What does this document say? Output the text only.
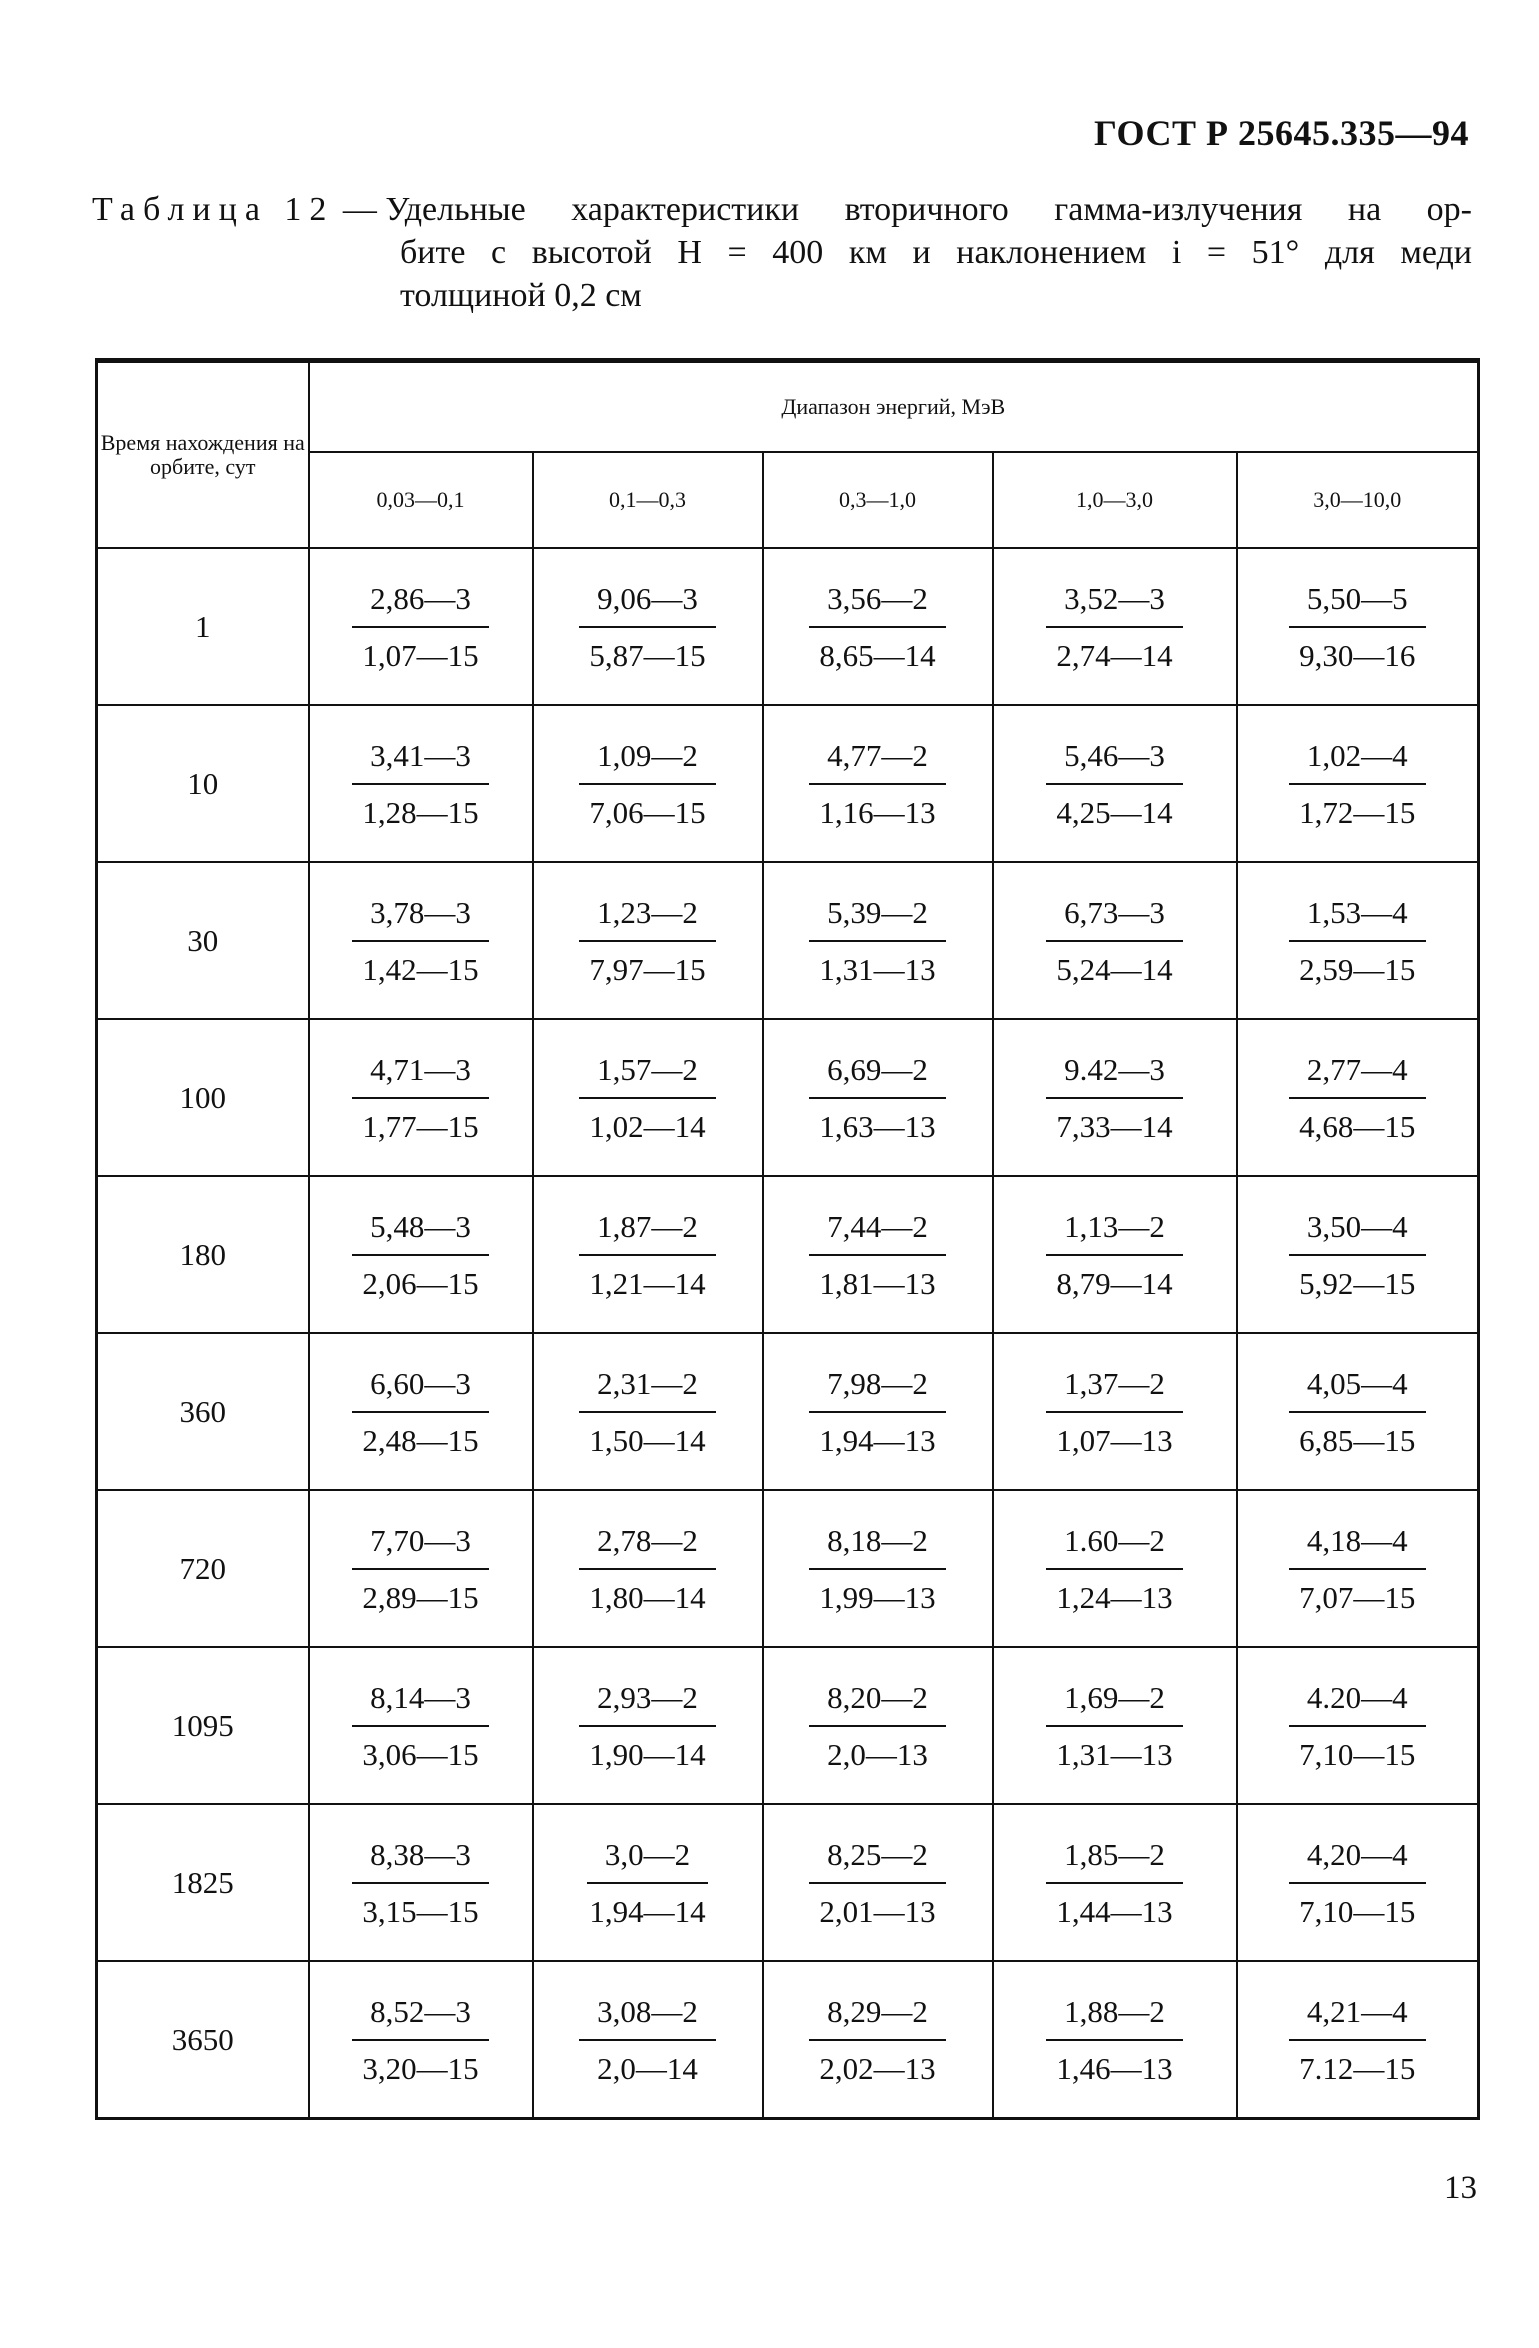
ГОСТ Р 25645.335—94
Таблица 12 — Удельные характеристики вторичного гамма-излучения на ор-
бите с высотой H = 400 км и наклонением i = 51° для меди
толщиной 0,2 см
Время нахождения на орбите, сут	Диапазон энергий, МэВ				
	0,03—0,1	0,1—0,3	0,3—1,0	1,0—3,0	3,0—10,0
1	$\frac{2,86—3}{1,07—15}$	$\frac{9,06—3}{5,87—15}$	$\frac{3,56—2}{8,65—14}$	$\frac{3,52—3}{2,74—14}$	$\frac{5,50—5}{9,30—16}$

10	$\frac{3,41—3}{1,28—15}$	$\frac{1,09—2}{7,06—15}$	$\frac{4,77—2}{1,16—13}$	$\frac{5,46—3}{4,25—14}$	$\frac{1,02—4}{1,72—15}$

30	$\frac{3,78—3}{1,42—15}$	$\frac{1,23—2}{7,97—15}$	$\frac{5,39—2}{1,31—13}$	$\frac{6,73—3}{5,24—14}$	$\frac{1,53—4}{2,59—15}$

100	$\frac{4,71—3}{1,77—15}$	$\frac{1,57—2}{1,02—14}$	$\frac{6,69—2}{1,63—13}$	$\frac{9.42—3}{7,33—14}$	$\frac{2,77—4}{4,68—15}$

180	$\frac{5,48—3}{2,06—15}$	$\frac{1,87—2}{1,21—14}$	$\frac{7,44—2}{1,81—13}$	$\frac{1,13—2}{8,79—14}$	$\frac{3,50—4}{5,92—15}$

360	$\frac{6,60—3}{2,48—15}$	$\frac{2,31—2}{1,50—14}$	$\frac{7,98—2}{1,94—13}$	$\frac{1,37—2}{1,07—13}$	$\frac{4,05—4}{6,85—15}$

720	$\frac{7,70—3}{2,89—15}$	$\frac{2,78—2}{1,80—14}$	$\frac{8,18—2}{1,99—13}$	$\frac{1.60—2}{1,24—13}$	$\frac{4,18—4}{7,07—15}$

1095	$\frac{8,14—3}{3,06—15}$	$\frac{2,93—2}{1,90—14}$	$\frac{8,20—2}{2,0—13}$	$\frac{1,69—2}{1,31—13}$	$\frac{4.20—4}{7,10—15}$

1825	$\frac{8,38—3}{3,15—15}$	$\frac{3,0—2}{1,94—14}$	$\frac{8,25—2}{2,01—13}$	$\frac{1,85—2}{1,44—13}$	$\frac{4,20—4}{7,10—15}$

3650	$\frac{8,52—3}{3,20—15}$	$\frac{3,08—2}{2,0—14}$	$\frac{8,29—2}{2,02—13}$	$\frac{1,88—2}{1,46—13}$	$\frac{4,21—4}{7.12—15}$
13
